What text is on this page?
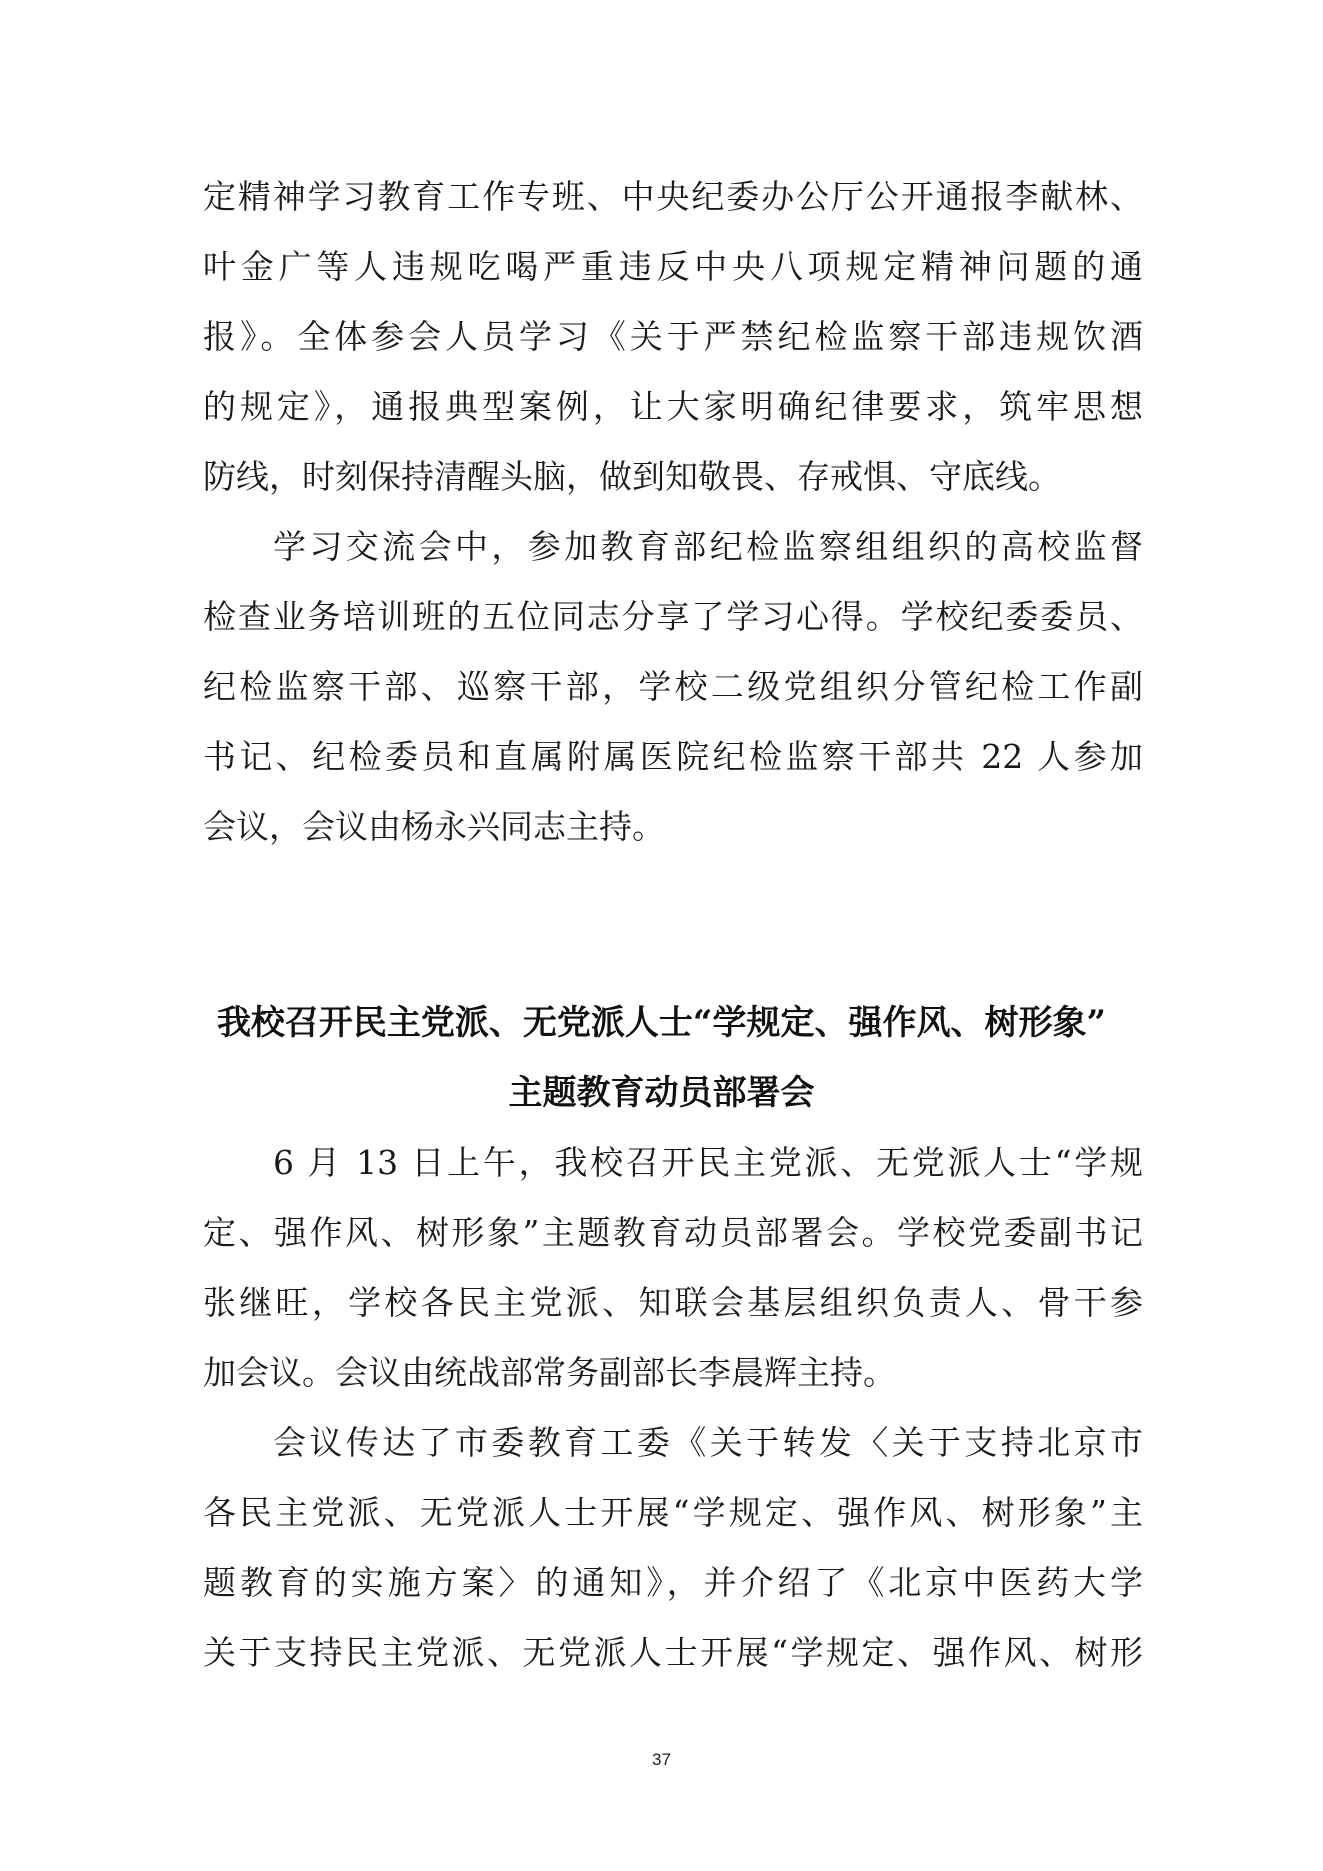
定精神学习教育工作专班、中央纪委办公厅公开通报李献林、
叶金广等人违规吃喝严重违反中央八项规定精神问题的通
报》。全体参会人员学习《关于严禁纪检监察干部违规饮酒
的规定》，通报典型案例，让大家明确纪律要求，筑牢思想
防线，时刻保持清醒头脑，做到知敬畏、存戒惧、守底线。
学习交流会中，参加教育部纪检监察组组织的高校监督
检查业务培训班的五位同志分享了学习心得。学校纪委委员、
纪检监察干部、巡察干部，学校二级党组织分管纪检工作副
书记、纪检委员和直属附属医院纪检监察干部共 22 人参加
会议，会议由杨永兴同志主持。
我校召开民主党派、无党派人士“学规定、强作风、树形象”
主题教育动员部署会
6 月 13 日上午，我校召开民主党派、无党派人士“学规
定、强作风、树形象”主题教育动员部署会。学校党委副书记
张继旺，学校各民主党派、知联会基层组织负责人、骨干参
加会议。会议由统战部常务副部长李晨辉主持。
会议传达了市委教育工委《关于转发〈关于支持北京市
各民主党派、无党派人士开展“学规定、强作风、树形象”主
题教育的实施方案〉的通知》，并介绍了《北京中医药大学
关于支持民主党派、无党派人士开展“学规定、强作风、树形
37
